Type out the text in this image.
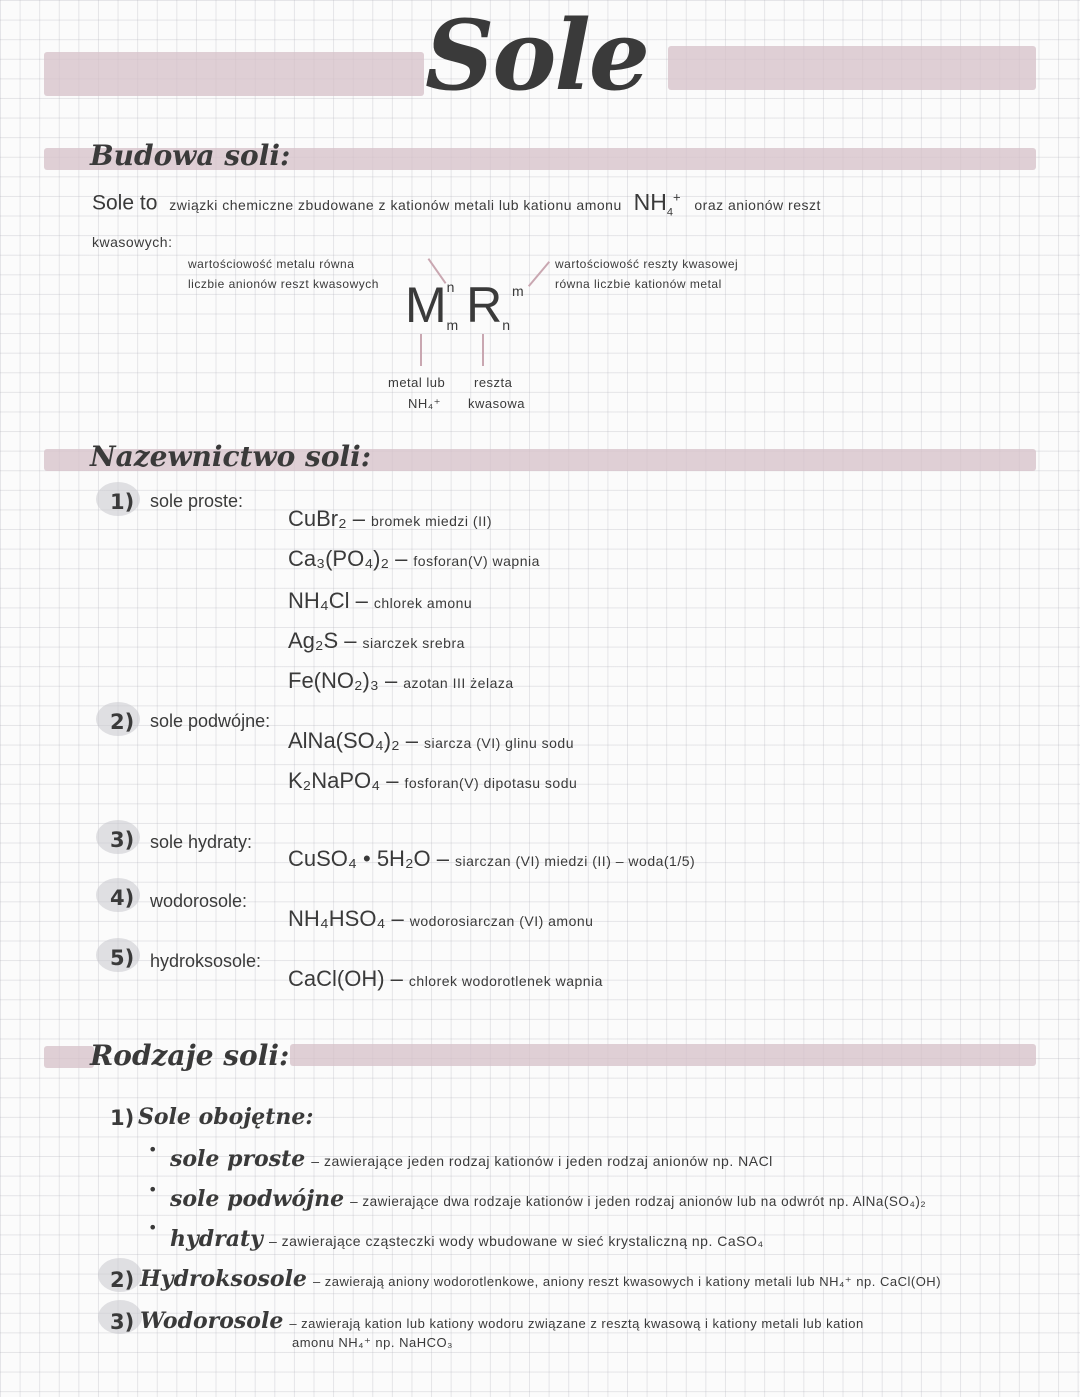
Sole
Budowa soli:
Sole to związki chemiczne zbudowane z kationów metali lub kationu amonu $NH_4^+$ oraz anionów reszt
kwasowych:
wartościowość metalu równa
liczbie anionów reszt kwasowych
wartościowość reszty kwasowej
równa liczbie kationów metal
$M^nm$ Rn
m
metal lub
NH₄⁺
reszta
kwasowa
Nazewnictwo soli:
1) sole proste:
2) sole podwójne:
3) sole hydraty:
4) wodorosole:
5) hydroksosole:
CuBr₂ – bromek miedzi (II)
Ca₃(PO₄)₂ – fosforan(V) wapnia
NH₄Cl – chlorek amonu
Ag₂S – siarczek srebra
Fe(NO₂)₃ – azotan III żelaza
AlNa(SO₄)₂ – siarcza (VI) glinu sodu
K₂NaPO₄ – fosforan(V) dipotasu sodu
CuSO₄ • 5H₂O – siarczan (VI) miedzi (II) – woda(1/5)
NH₄HSO₄ – wodorosiarczan (VI) amonu
CaCl(OH) – chlorek wodorotlenek wapnia
Rodzaje soli:
1) Sole obojętne:
• sole proste – zawierające jeden rodzaj kationów i jeden rodzaj anionów np. NACl
• sole podwójne – zawierające dwa rodzaje kationów i jeden rodzaj anionów lub na odwrót np. AlNa(SO₄)₂
• hydraty – zawierające cząsteczki wody wbudowane w sieć krystaliczną np. CaSO₄
2) Hydroksosole – zawierają aniony wodorotlenkowe, aniony reszt kwasowych i kationy metali lub NH₄⁺ np. CaCl(OH)
3) Wodorosole – zawierają kation lub kationy wodoru związane z resztą kwasową i kationy metali lub kation
amonu NH₄⁺ np. NaHCO₃
